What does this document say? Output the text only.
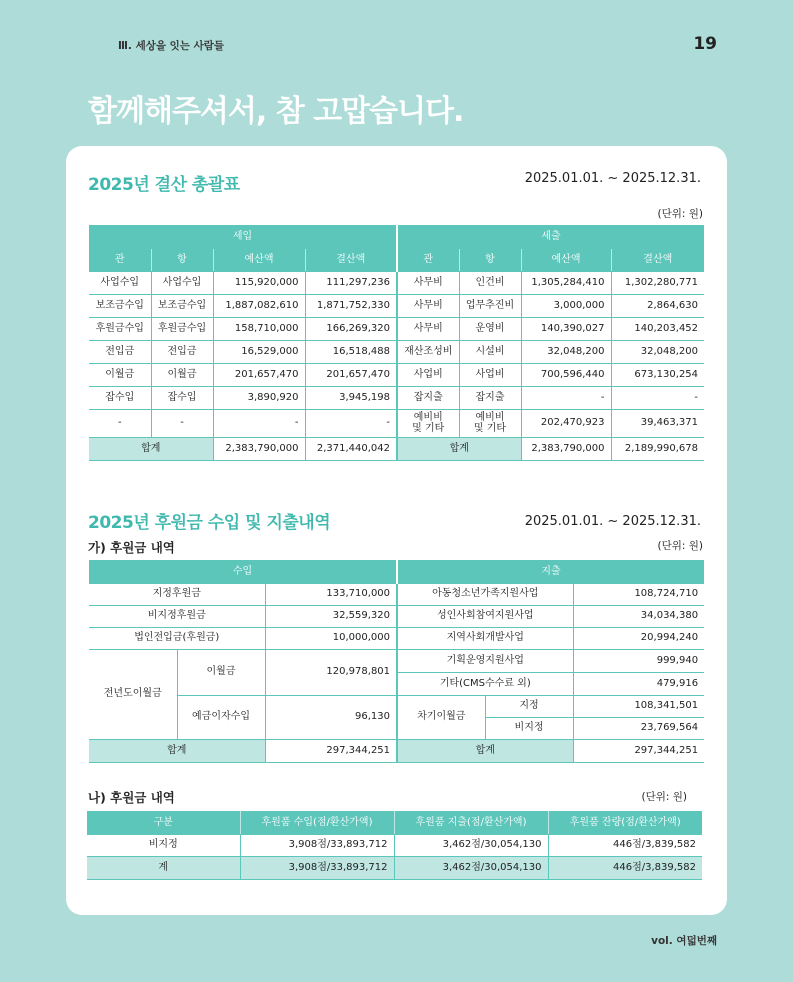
Ⅲ. 세상을 잇는 사람들	19
함께해주셔서, 참 고맙습니다.
2025년 결산 총괄표	2025.01.01. ~ 2025.12.31.
(단위: 원)
세입				세출			
관	항	예산액	결산액	관	항	예산액	결산액
사업수입	사업수입	115,920,000	111,297,236	사무비	인건비	1,305,284,410	1,302,280,771
보조금수입	보조금수입	1,887,082,610	1,871,752,330	사무비	업무추진비	3,000,000	2,864,630
후원금수입	후원금수입	158,710,000	166,269,320	사무비	운영비	140,390,027	140,203,452
전입금	전입금	16,529,000	16,518,488	재산조성비	시설비	32,048,200	32,048,200
이월금	이월금	201,657,470	201,657,470	사업비	사업비	700,596,440	673,130,254
잡수입	잡수입	3,890,920	3,945,198	잡지출	잡지출	-	-
-	-	-	-	예비비 및 기타	예비비 및 기타	202,470,923	39,463,371
합계		2,383,790,000	2,371,440,042	합계		2,383,790,000	2,189,990,678
2025년 후원금 수입 및 지출내역	2025.01.01. ~ 2025.12.31.
가) 후원금 내역	(단위: 원)
수입			지출		
지정후원금		133,710,000	아동청소년가족지원사업		108,724,710
비지정후원금		32,559,320	성인사회참여지원사업		34,034,380
법인전입금(후원금)		10,000,000	지역사회개발사업		20,994,240
전년도이월금	이월금	120,978,801	기획운영지원사업		999,940
			기타(CMS수수료 외)		479,916
	예금이자수입	96,130	차기이월금	지정	108,341,501
				비지정	23,769,564
합계		297,344,251	합계		297,344,251
나) 후원금 내역	(단위: 원)
구분	후원품 수입(점/환산가액)	후원품 지출(점/환산가액)	후원품 잔량(점/환산가액)
비지정	3,908점/33,893,712	3,462점/30,054,130	446점/3,839,582
계	3,908점/33,893,712	3,462점/30,054,130	446점/3,839,582
vol. 여덟번째
